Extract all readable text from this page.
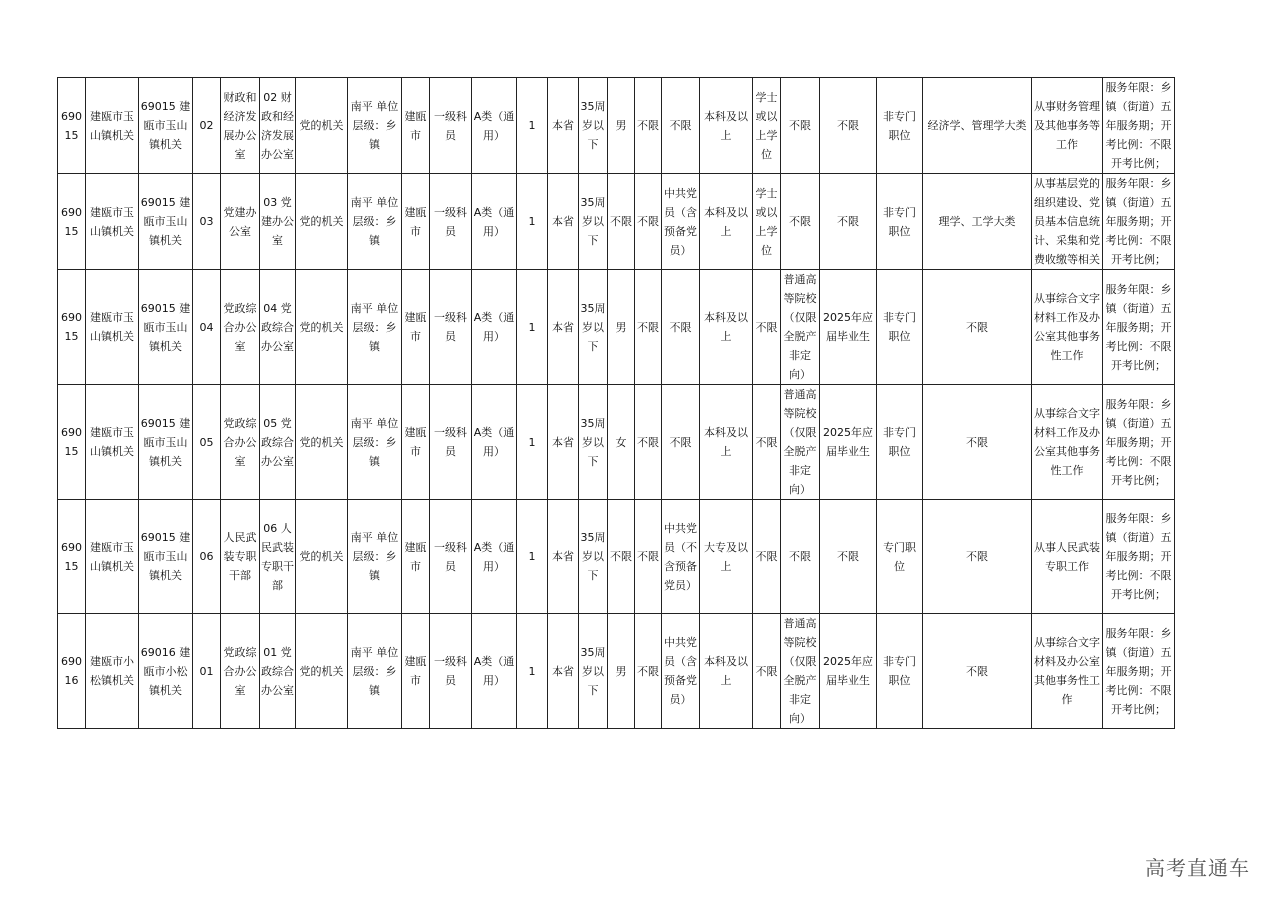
69015	建瓯市玉山镇机关	69015 建瓯市玉山镇机关	02	财政和经济发展办公室	02 财政和经济发展办公室	党的机关	南平 单位层级：乡镇	建瓯市	一级科员	A类（通用）	1	本省	35周岁以下	男	不限	不限	本科及以上	学士或以上学位	不限	不限	非专门职位	经济学、管理学大类	从事财务管理及其他事务等工作	服务年限：乡镇（街道）五年服务期；开考比例：不限开考比例；
69015	建瓯市玉山镇机关	69015 建瓯市玉山镇机关	03	党建办公室	03 党建办公室	党的机关	南平 单位层级：乡镇	建瓯市	一级科员	A类（通用）	1	本省	35周岁以下	不限	不限	中共党员（含预备党员）	本科及以上	学士或以上学位	不限	不限	非专门职位	理学、工学大类	从事基层党的组织建设、党员基本信息统计、采集和党费收缴等相关	服务年限：乡镇（街道）五年服务期；开考比例：不限开考比例；
69015	建瓯市玉山镇机关	69015 建瓯市玉山镇机关	04	党政综合办公室	04 党政综合办公室	党的机关	南平 单位层级：乡镇	建瓯市	一级科员	A类（通用）	1	本省	35周岁以下	男	不限	不限	本科及以上	不限	普通高等院校（仅限全脱产非定向）	2025年应届毕业生	非专门职位	不限	从事综合文字材料工作及办公室其他事务性工作	服务年限：乡镇（街道）五年服务期；开考比例：不限开考比例；
69015	建瓯市玉山镇机关	69015 建瓯市玉山镇机关	05	党政综合办公室	05 党政综合办公室	党的机关	南平 单位层级：乡镇	建瓯市	一级科员	A类（通用）	1	本省	35周岁以下	女	不限	不限	本科及以上	不限	普通高等院校（仅限全脱产非定向）	2025年应届毕业生	非专门职位	不限	从事综合文字材料工作及办公室其他事务性工作	服务年限：乡镇（街道）五年服务期；开考比例：不限开考比例；
69015	建瓯市玉山镇机关	69015 建瓯市玉山镇机关	06	人民武装专职干部	06 人民武装专职干部	党的机关	南平 单位层级：乡镇	建瓯市	一级科员	A类（通用）	1	本省	35周岁以下	不限	不限	中共党员（不含预备党员）	大专及以上	不限	不限	不限	专门职位	不限	从事人民武装专职工作	服务年限：乡镇（街道）五年服务期；开考比例：不限开考比例；
69016	建瓯市小松镇机关	69016 建瓯市小松镇机关	01	党政综合办公室	01 党政综合办公室	党的机关	南平 单位层级：乡镇	建瓯市	一级科员	A类（通用）	1	本省	35周岁以下	男	不限	中共党员（含预备党员）	本科及以上	不限	普通高等院校（仅限全脱产非定向）	2025年应届毕业生	非专门职位	不限	从事综合文字材料及办公室其他事务性工作	服务年限：乡镇（街道）五年服务期；开考比例：不限开考比例；
高考直通车
